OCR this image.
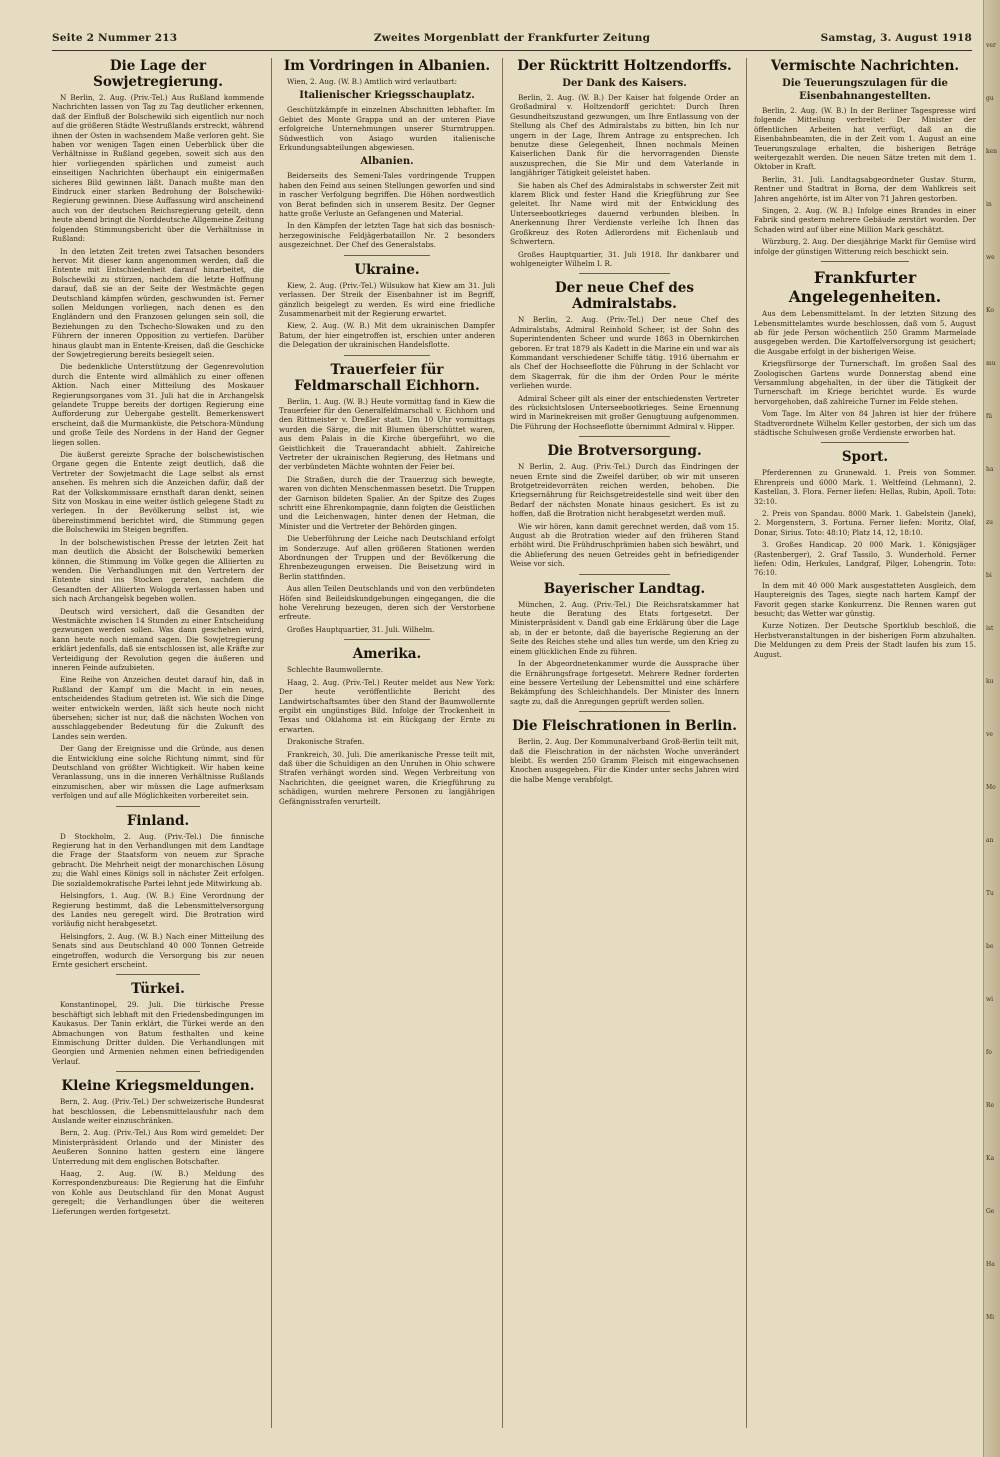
Seite 2 Nummer 213	Zweites Morgenblatt der Frankfurter Zeitung	Samstag, 3. August 1918
Die Lage der Sowjetregierung.

N Berlin, 2. Aug. (Priv.-Tel.) Aus Rußland kommende Nachrichten lassen von Tag zu Tag deutlicher erkennen, daß der Einfluß der Bolschewiki sich eigentlich nur noch auf die größeren Städte Westrußlands erstreckt, während ihnen der Osten in wachsendem Maße verloren geht. Sie haben vor wenigen Tagen einen Ueberblick über die Verhältnisse in Rußland gegeben, soweit sich aus den hier vorliegenden spärlichen und zumeist auch einseitigen Nachrichten überhaupt ein einigermaßen sicheres Bild gewinnen läßt. Danach mußte man den Eindruck einer starken Bedrohung der Bolschewiki-Regierung gewinnen. Diese Auffassung wird anscheinend auch von der deutschen Reichsregierung geteilt, denn heute abend bringt die Norddeutsche Allgemeine Zeitung folgenden Stimmungsbericht über die Verhältnisse in Rußland:

In den letzten Zeit treten zwei Tatsachen besonders hervor. Mit dieser kann angenommen werden, daß die Entente mit Entschiedenheit darauf hinarbeitet, die Bolschewiki zu stürzen, nachdem die letzte Hoffnung darauf, daß sie an der Seite der Westmächte gegen Deutschland kämpfen würden, geschwunden ist. Ferner sollen Meldungen vorliegen, nach denen es den Engländern und den Franzosen gelungen sein soll, die Beziehungen zu den Tschecho-Slowaken und zu den Führern der inneren Opposition zu vertiefen. Darüber hinaus glaubt man in Entente-Kreisen, daß die Geschicke der Sowjetregierung bereits besiegelt seien.

Die bedenkliche Unterstützung der Gegenrevolution durch die Entente wird allmählich zu einer offenen Aktion. Nach einer Mitteilung des Moskauer Regierungsorganes vom 31. Juli hat die in Archangelsk gelandete Truppe bereits der dortigen Regierung eine Aufforderung zur Uebergabe gestellt. Bemerkenswert erscheint, daß die Murmanküste, die Petschora-Mündung und große Teile des Nordens in der Hand der Gegner liegen sollen.

Die äußerst gereizte Sprache der bolschewistischen Organe gegen die Entente zeigt deutlich, daß die Vertreter der Sowjetmacht die Lage selbst als ernst ansehen. Es mehren sich die Anzeichen dafür, daß der Rat der Volkskommissare ernsthaft daran denkt, seinen Sitz von Moskau in eine weiter östlich gelegene Stadt zu verlegen. In der Bevölkerung selbst ist, wie übereinstimmend berichtet wird, die Stimmung gegen die Bolschewiki im Steigen begriffen.

In der bolschewistischen Presse der letzten Zeit hat man deutlich die Absicht der Bolschewiki bemerken können, die Stimmung im Volke gegen die Alliierten zu wenden. Die Verhandlungen mit den Vertretern der Entente sind ins Stocken geraten, nachdem die Gesandten der Alliierten Wologda verlassen haben und sich nach Archangelsk begeben wollen.

Deutsch wird versichert, daß die Gesandten der Westmächte zwischen 14 Stunden zu einer Entscheidung gezwungen werden sollen. Was dann geschehen wird, kann heute noch niemand sagen. Die Sowjetregierung erklärt jedenfalls, daß sie entschlossen ist, alle Kräfte zur Verteidigung der Revolution gegen die äußeren und inneren Feinde aufzubieten.

Eine Reihe von Anzeichen deutet darauf hin, daß in Rußland der Kampf um die Macht in ein neues, entscheidendes Stadium getreten ist. Wie sich die Dinge weiter entwickeln werden, läßt sich heute noch nicht übersehen; sicher ist nur, daß die nächsten Wochen von ausschlaggebender Bedeutung für die Zukunft des Landes sein werden.

Der Gang der Ereignisse und die Gründe, aus denen die Entwicklung eine solche Richtung nimmt, sind für Deutschland von größter Wichtigkeit. Wir haben keine Veranlassung, uns in die inneren Verhältnisse Rußlands einzumischen, aber wir müssen die Lage aufmerksam verfolgen und auf alle Möglichkeiten vorbereitet sein.

Finland.

D Stockholm, 2. Aug. (Priv.-Tel.) Die finnische Regierung hat in den Verhandlungen mit dem Landtage die Frage der Staatsform von neuem zur Sprache gebracht. Die Mehrheit neigt der monarchischen Lösung zu; die Wahl eines Königs soll in nächster Zeit erfolgen. Die sozialdemokratische Partei lehnt jede Mitwirkung ab.

Helsingfors, 1. Aug. (W. B.) Eine Verordnung der Regierung bestimmt, daß die Lebensmittelversorgung des Landes neu geregelt wird. Die Brotration wird vorläufig nicht herabgesetzt.

Helsingfors, 2. Aug. (W. B.) Nach einer Mitteilung des Senats sind aus Deutschland 40 000 Tonnen Getreide eingetroffen, wodurch die Versorgung bis zur neuen Ernte gesichert erscheint.

Türkei.

Konstantinopel, 29. Juli. Die türkische Presse beschäftigt sich lebhaft mit den Friedensbedingungen im Kaukasus. Der Tanin erklärt, die Türkei werde an den Abmachungen von Batum festhalten und keine Einmischung Dritter dulden. Die Verhandlungen mit Georgien und Armenien nehmen einen befriedigenden Verlauf.

Kleine Kriegsmeldungen.

Bern, 2. Aug. (Priv.-Tel.) Der schweizerische Bundesrat hat beschlossen, die Lebensmittelausfuhr nach dem Auslande weiter einzuschränken.

Bern, 2. Aug. (Priv.-Tel.) Aus Rom wird gemeldet: Der Ministerpräsident Orlando und der Minister des Aeußeren Sonnino hatten gestern eine längere Unterredung mit dem englischen Botschafter.

Haag, 2. Aug. (W. B.) Meldung des Korrespondenzbureaus: Die Regierung hat die Einfuhr von Kohle aus Deutschland für den Monat August geregelt; die Verhandlungen über die weiteren Lieferungen werden fortgesetzt.

Im Vordringen in Albanien.

Wien, 2. Aug. (W. B.) Amtlich wird verlautbart:

Italienischer Kriegsschauplatz.

Geschützkämpfe in einzelnen Abschnitten lebhafter. Im Gebiet des Monte Grappa und an der unteren Piave erfolgreiche Unternehmungen unserer Sturmtruppen. Südwestlich von Asiago wurden italienische Erkundungsabteilungen abgewiesen.

Albanien.

Beiderseits des Semeni-Tales vordringende Truppen haben den Feind aus seinen Stellungen geworfen und sind in rascher Verfolgung begriffen. Die Höhen nordwestlich von Berat befinden sich in unserem Besitz. Der Gegner hatte große Verluste an Gefangenen und Material.

In den Kämpfen der letzten Tage hat sich das bosnisch-herzegowinische Feldjägerbataillon Nr. 2 besonders ausgezeichnet. Der Chef des Generalstabs.

Ukraine.

Kiew, 2. Aug. (Priv.-Tel.) Wilsukow hat Kiew am 31. Juli verlassen. Der Streik der Eisenbahner ist im Begriff, gänzlich beigelegt zu werden. Es wird eine friedliche Zusammenarbeit mit der Regierung erwartet.

Kiew, 2. Aug. (W. B.) Mit dem ukrainischen Dampfer Batum, der hier eingetroffen ist, erschien unter anderen die Delegation der ukrainischen Handelsflotte.

Trauerfeier für Feldmarschall Eichhorn.

Berlin, 1. Aug. (W. B.) Heute vormittag fand in Kiew die Trauerfeier für den Generalfeldmarschall v. Eichhorn und den Rittmeister v. Dreßler statt. Um 10 Uhr vormittags wurden die Särge, die mit Blumen überschüttet waren, aus dem Palais in die Kirche übergeführt, wo die Geistlichkeit die Trauerandacht abhielt. Zahlreiche Vertreter der ukrainischen Regierung, des Hetmans und der verbündeten Mächte wohnten der Feier bei.

Die Straßen, durch die der Trauerzug sich bewegte, waren von dichten Menschenmassen besetzt. Die Truppen der Garnison bildeten Spalier. An der Spitze des Zuges schritt eine Ehrenkompagnie, dann folgten die Geistlichen und die Leichenwagen, hinter denen der Hetman, die Minister und die Vertreter der Behörden gingen.

Die Ueberführung der Leiche nach Deutschland erfolgt im Sonderzuge. Auf allen größeren Stationen werden Abordnungen der Truppen und der Bevölkerung die Ehrenbezeugungen erweisen. Die Beisetzung wird in Berlin stattfinden.

Aus allen Teilen Deutschlands und von den verbündeten Höfen sind Beileidskundgebungen eingegangen, die die hohe Verehrung bezeugen, deren sich der Verstorbene erfreute.

Großes Hauptquartier, 31. Juli. Wilhelm.

Amerika.

Schlechte Baumwollernte.

Haag, 2. Aug. (Priv.-Tel.) Reuter meldet aus New York: Der heute veröffentlichte Bericht des Landwirtschaftsamtes über den Stand der Baumwollernte ergibt ein ungünstiges Bild. Infolge der Trockenheit in Texas und Oklahoma ist ein Rückgang der Ernte zu erwarten.

Drakonische Strafen.

Frankreich, 30. Juli. Die amerikanische Presse teilt mit, daß über die Schuldigen an den Unruhen in Ohio schwere Strafen verhängt worden sind. Wegen Verbreitung von Nachrichten, die geeignet waren, die Kriegführung zu schädigen, wurden mehrere Personen zu langjährigen Gefängnisstrafen verurteilt.

Der Rücktritt Holtzendorffs.
Der Dank des Kaisers.

Berlin, 2. Aug. (W. B.) Der Kaiser hat folgende Order an Großadmiral v. Holtzendorff gerichtet: Durch Ihren Gesundheitszustand gezwungen, um Ihre Entlassung von der Stellung als Chef des Admiralstabs zu bitten, bin Ich nur ungern in der Lage, Ihrem Antrage zu entsprechen. Ich benutze diese Gelegenheit, Ihnen nochmals Meinen Kaiserlichen Dank für die hervorragenden Dienste auszusprechen, die Sie Mir und dem Vaterlande in langjähriger Tätigkeit geleistet haben.

Sie haben als Chef des Admiralstabs in schwerster Zeit mit klarem Blick und fester Hand die Kriegführung zur See geleitet. Ihr Name wird mit der Entwicklung des Unterseebootkrieges dauernd verbunden bleiben. In Anerkennung Ihrer Verdienste verleihe Ich Ihnen das Großkreuz des Roten Adlerordens mit Eichenlaub und Schwertern.

Großes Hauptquartier, 31. Juli 1918. Ihr dankbarer und wohlgeneigter Wilhelm I. R.

Der neue Chef des Admiralstabs.

N Berlin, 2. Aug. (Priv.-Tel.) Der neue Chef des Admiralstabs, Admiral Reinhold Scheer, ist der Sohn des Superintendenten Scheer und wurde 1863 in Obernkirchen geboren. Er trat 1879 als Kadett in die Marine ein und war als Kommandant verschiedener Schiffe tätig. 1916 übernahm er als Chef der Hochseeflotte die Führung in der Schlacht vor dem Skagerrak, für die ihm der Orden Pour le mérite verliehen wurde.

Admiral Scheer gilt als einer der entschiedensten Vertreter des rücksichtslosen Unterseebootkrieges. Seine Ernennung wird in Marinekreisen mit großer Genugtuung aufgenommen. Die Führung der Hochseeflotte übernimmt Admiral v. Hipper.

Die Brotversorgung.

N Berlin, 2. Aug. (Priv.-Tel.) Durch das Eindringen der neuen Ernte sind die Zweifel darüber, ob wir mit unseren Brotgetreidevorräten reichen werden, behoben. Die Kriegsernährung für Reichsgetreidestelle sind weit über den Bedarf der nächsten Monate hinaus gesichert. Es ist zu hoffen, daß die Brotration nicht herabgesetzt werden muß.

Wie wir hören, kann damit gerechnet werden, daß vom 15. August ab die Brotration wieder auf den früheren Stand erhöht wird. Die Frühdruschprämien haben sich bewährt, und die Ablieferung des neuen Getreides geht in befriedigender Weise vor sich.

Bayerischer Landtag.

München, 2. Aug. (Priv.-Tel.) Die Reichsratskammer hat heute die Beratung des Etats fortgesetzt. Der Ministerpräsident v. Dandl gab eine Erklärung über die Lage ab, in der er betonte, daß die bayerische Regierung an der Seite des Reiches stehe und alles tun werde, um den Krieg zu einem glücklichen Ende zu führen.

In der Abgeordnetenkammer wurde die Aussprache über die Ernährungsfrage fortgesetzt. Mehrere Redner forderten eine bessere Verteilung der Lebensmittel und eine schärfere Bekämpfung des Schleichhandels. Der Minister des Innern sagte zu, daß die Anregungen geprüft werden sollen.

Die Fleischrationen in Berlin.

Berlin, 2. Aug. Der Kommunalverband Groß-Berlin teilt mit, daß die Fleischration in der nächsten Woche unverändert bleibt. Es werden 250 Gramm Fleisch mit eingewachsenen Knochen ausgegeben. Für die Kinder unter sechs Jahren wird die halbe Menge verabfolgt.

Vermischte Nachrichten.
Die Teuerungszulagen für die Eisenbahnangestellten.

Berlin, 2. Aug. (W. B.) In der Berliner Tagespresse wird folgende Mitteilung verbreitet: Der Minister der öffentlichen Arbeiten hat verfügt, daß an die Eisenbahnbeamten, die in der Zeit vom 1. August an eine Teuerungszulage erhalten, die bisherigen Beträge weitergezahlt werden. Die neuen Sätze treten mit dem 1. Oktober in Kraft.

Berlin, 31. Juli. Landtagsabgeordneter Gustav Sturm, Rentner und Stadtrat in Borna, der dem Wahlkreis seit Jahren angehörte, ist im Alter von 71 Jahren gestorben.

Singen, 2. Aug. (W. B.) Infolge eines Brandes in einer Fabrik sind gestern mehrere Gebäude zerstört worden. Der Schaden wird auf über eine Million Mark geschätzt.

Würzburg, 2. Aug. Der diesjährige Markt für Gemüse wird infolge der günstigen Witterung reich beschickt sein.

Frankfurter Angelegenheiten.

Aus dem Lebensmittelamt. In der letzten Sitzung des Lebensmittelamtes wurde beschlossen, daß vom 5. August ab für jede Person wöchentlich 250 Gramm Marmelade ausgegeben werden. Die Kartoffelversorgung ist gesichert; die Ausgabe erfolgt in der bisherigen Weise.

Kriegsfürsorge der Turnerschaft. Im großen Saal des Zoologischen Gartens wurde Donnerstag abend eine Versammlung abgehalten, in der über die Tätigkeit der Turnerschaft im Kriege berichtet wurde. Es wurde hervorgehoben, daß zahlreiche Turner im Felde stehen.

Vom Tage. Im Alter von 84 Jahren ist hier der frühere Stadtverordnete Wilhelm Keller gestorben, der sich um das städtische Schulwesen große Verdienste erworben hat.

Sport.

Pferderennen zu Grunewald. 1. Preis von Sommer. Ehrenpreis und 6000 Mark. 1. Weltfeind (Lehmann), 2. Kastellan, 3. Flora. Ferner liefen: Hellas, Rubin, Apoll. Toto: 32:10.

2. Preis von Spandau. 8000 Mark. 1. Gabelstein (Janek), 2. Morgenstern, 3. Fortuna. Ferner liefen: Moritz, Olaf, Donar, Sirius. Toto: 48:10; Platz 14, 12, 18:10.

3. Großes Handicap. 20 000 Mark. 1. Königsjäger (Rastenberger), 2. Graf Tassilo, 3. Wunderhold. Ferner liefen: Odin, Herkules, Landgraf, Pilger, Lohengrin. Toto: 76:10.

In dem mit 40 000 Mark ausgestatteten Ausgleich, dem Hauptereignis des Tages, siegte nach hartem Kampf der Favorit gegen starke Konkurrenz. Die Rennen waren gut besucht; das Wetter war günstig.

Kurze Notizen. Der Deutsche Sportklub beschloß, die Herbstveranstaltungen in der bisherigen Form abzuhalten. Die Meldungen zu dem Preis der Stadt laufen bis zum 15. August.

ver
gu
ken
in
we
Ko
mu
fü
ha
zu
bi
ist
ku
ve
Mo
an
Tu
be
wi
fo
Re
Ka
Ge
Ha
Mi
